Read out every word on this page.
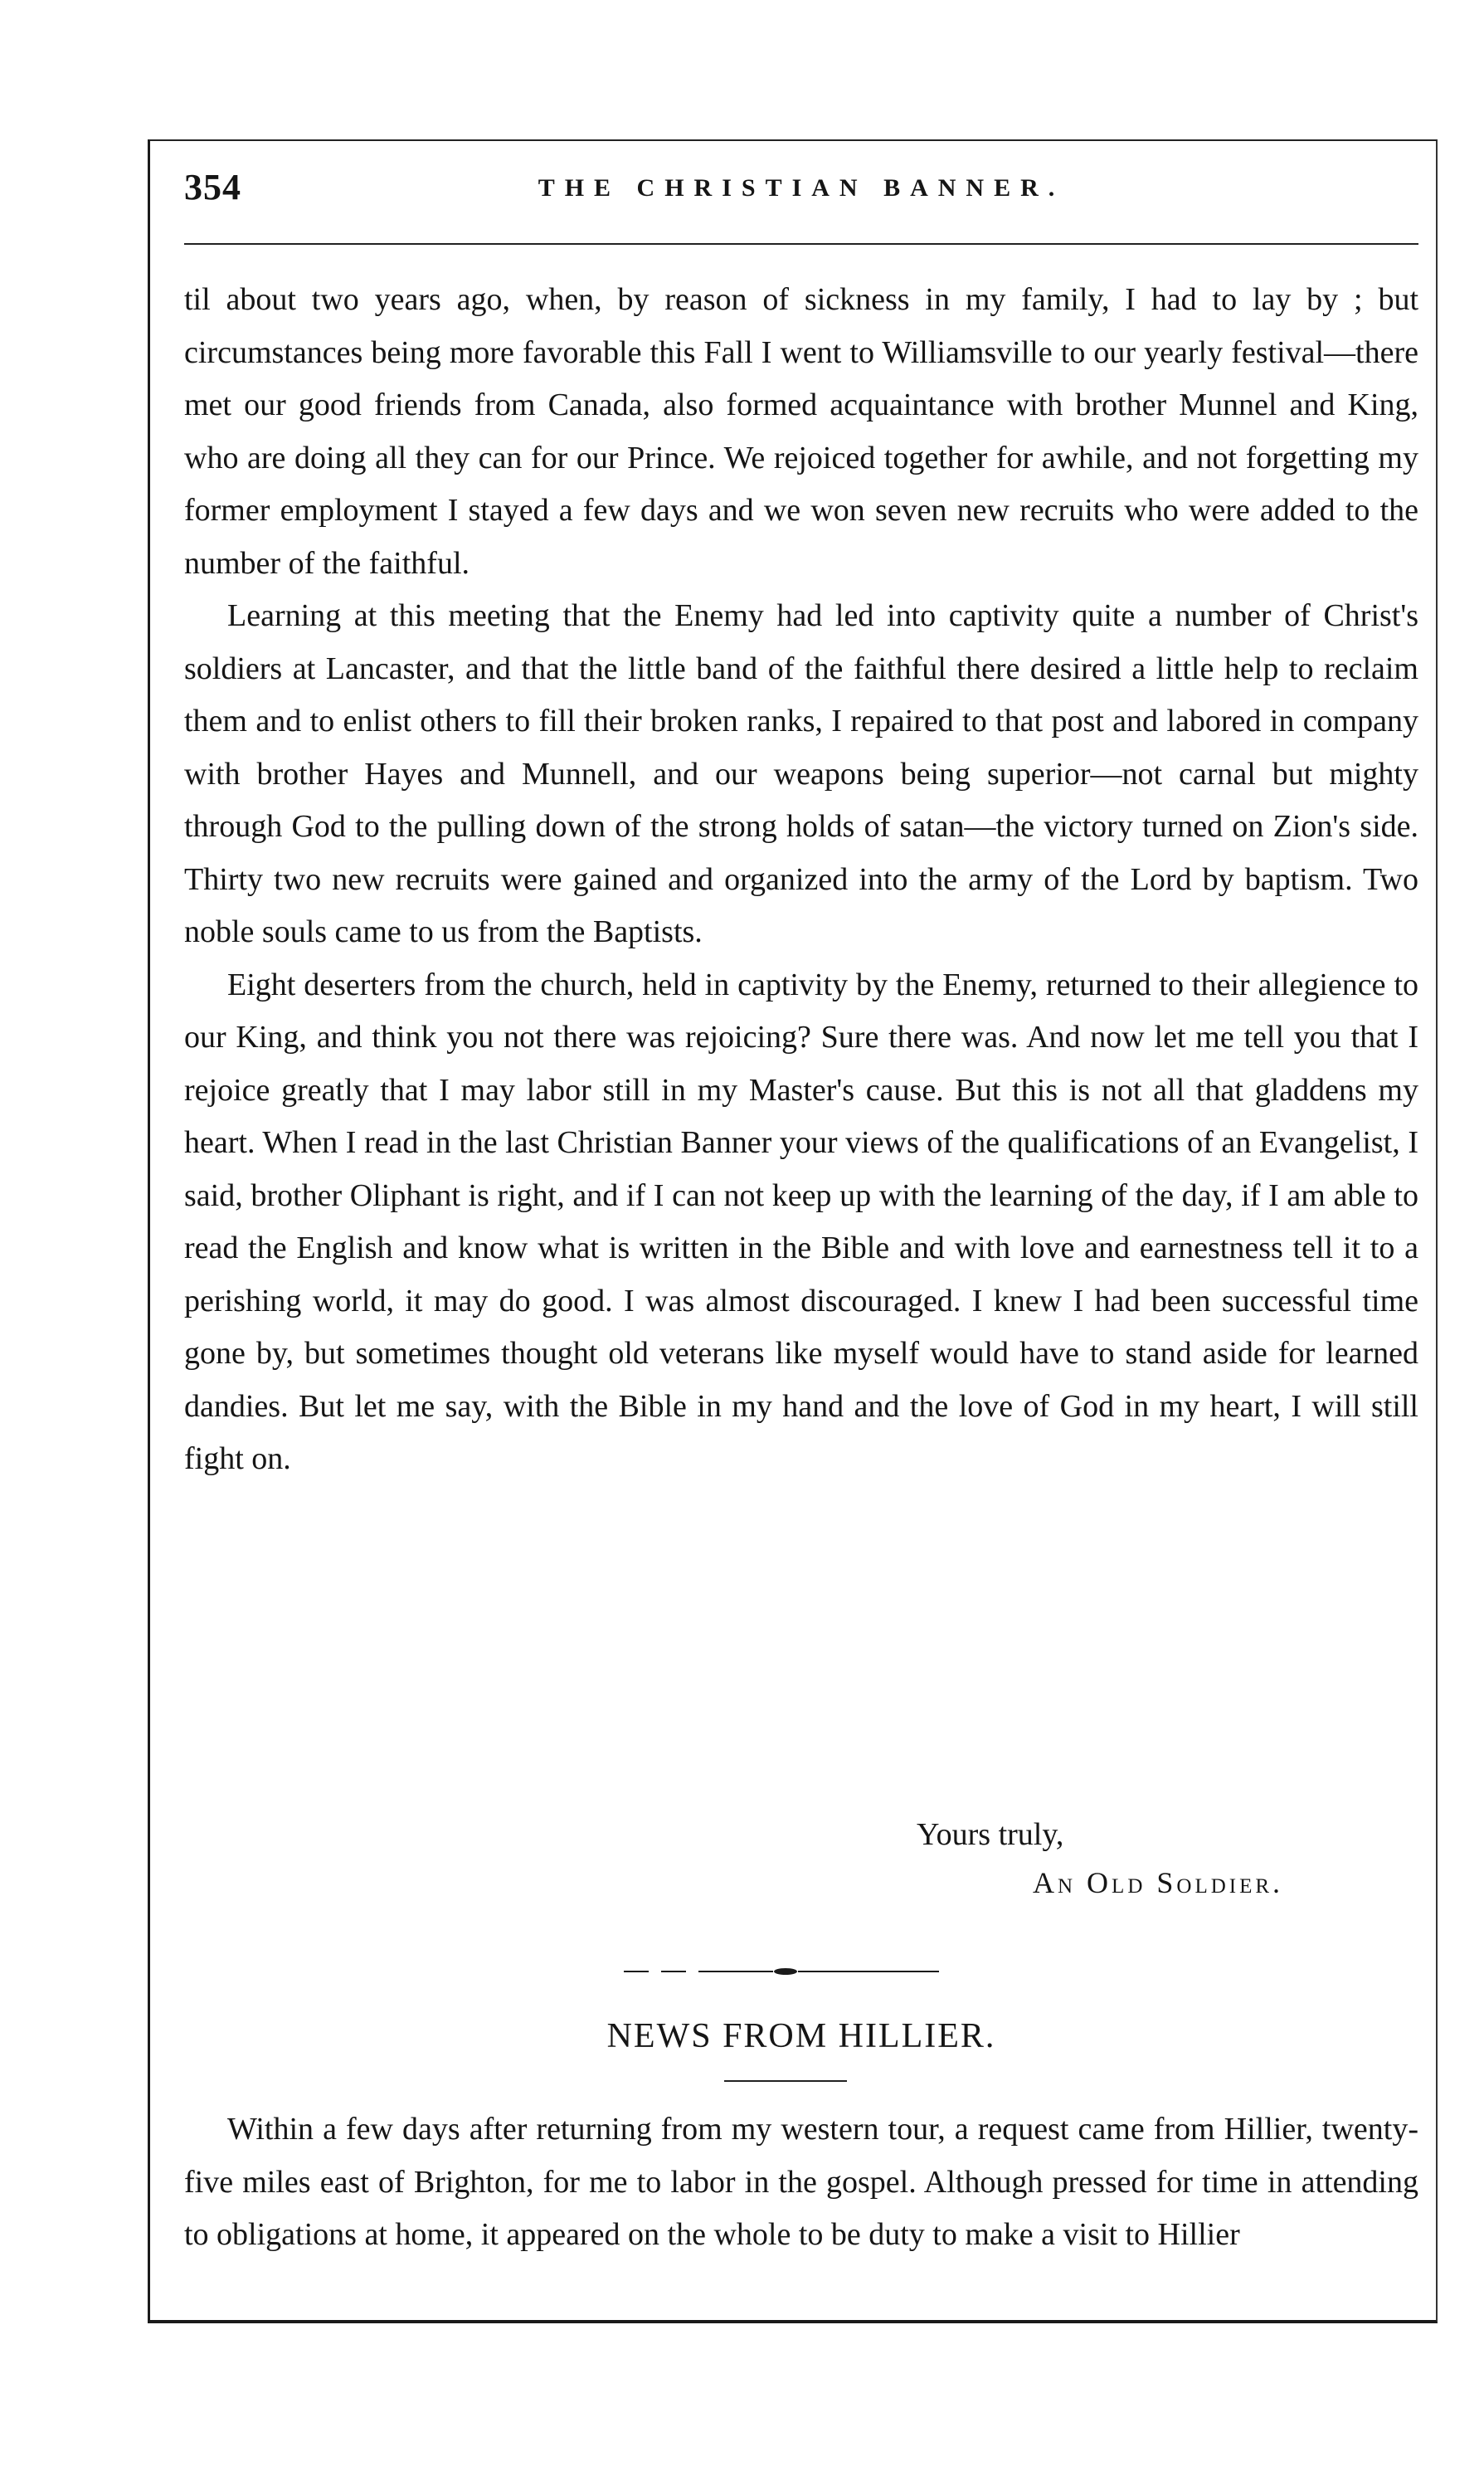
354	THE CHRISTIAN BANNER.

til about two years ago, when, by reason of sickness in my family, I had to lay by ; but circumstances being more favorable this Fall I went to Williamsville to our yearly festival—there met our good friends from Canada, also formed acquaintance with brother Munnel and King, who are doing all they can for our Prince. We rejoiced together for awhile, and not forgetting my former employment I stayed a few days and we won seven new recruits who were added to the number of the faithful.

Learning at this meeting that the Enemy had led into captivity quite a number of Christ's soldiers at Lancaster, and that the little band of the faithful there desired a little help to reclaim them and to enlist others to fill their broken ranks, I repaired to that post and labored in company with brother Hayes and Munnell, and our weapons being superior—not carnal but mighty through God to the pulling down of the strong holds of satan—the victory turned on Zion's side. Thirty two new recruits were gained and organized into the army of the Lord by baptism. Two noble souls came to us from the Baptists.

Eight deserters from the church, held in captivity by the Enemy, returned to their allegience to our King, and think you not there was rejoicing? Sure there was. And now let me tell you that I rejoice greatly that I may labor still in my Master's cause. But this is not all that gladdens my heart. When I read in the last Christian Banner your views of the qualifications of an Evangelist, I said, brother Oliphant is right, and if I can not keep up with the learning of the day, if I am able to read the English and know what is written in the Bible and with love and earnestness tell it to a perishing world, it may do good. I was almost discouraged. I knew I had been successful time gone by, but sometimes thought old veterans like myself would have to stand aside for learned dandies. But let me say, with the Bible in my hand and the love of God in my heart, I will still fight on.

Yours truly,
An Old Soldier.
NEWS FROM HILLIER.

Within a few days after returning from my western tour, a request came from Hillier, twenty-five miles east of Brighton, for me to labor in the gospel. Although pressed for time in attending to obligations at home, it appeared on the whole to be duty to make a visit to Hillier
